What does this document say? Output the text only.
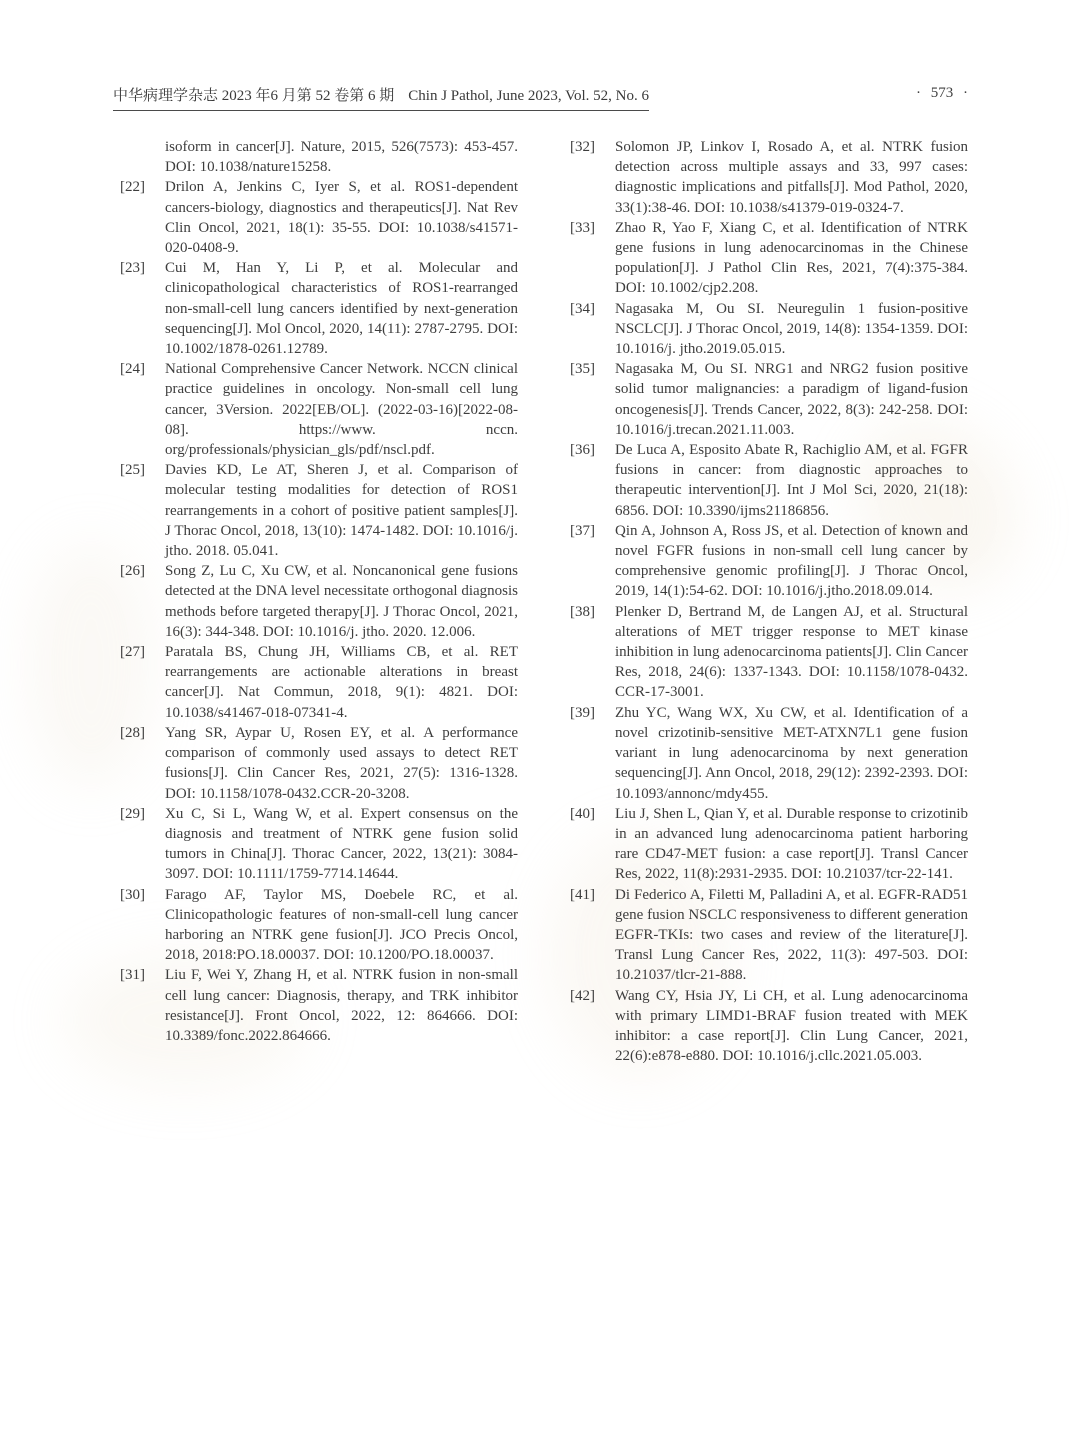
中华病理学杂志 2023 年6 月第 52 卷第 6 期 Chin J Pathol, June 2023, Vol. 52, No. 6	· 573 ·

isoform in cancer[J]. Nature, 2015, 526(7573): 453-457. DOI: 10.1038/nature15258.

[22]	Drilon A, Jenkins C, Iyer S, et al. ROS1-dependent cancers-biology, diagnostics and therapeutics[J]. Nat Rev Clin Oncol, 2021, 18(1): 35-55. DOI: 10.1038/s41571-020-0408-9.

[23]	Cui M, Han Y, Li P, et al. Molecular and clinicopathological characteristics of ROS1-rearranged non-small-cell lung cancers identified by next-generation sequencing[J]. Mol Oncol, 2020, 14(11): 2787-2795. DOI: 10.1002/1878-0261.12789.

[24]	National Comprehensive Cancer Network. NCCN clinical practice guidelines in oncology. Non-small cell lung cancer, 3Version. 2022[EB/OL]. (2022-03-16)[2022-08-08]. https://www. nccn. org/professionals/physician_gls/pdf/nscl.pdf.

[25]	Davies KD, Le AT, Sheren J, et al. Comparison of molecular testing modalities for detection of ROS1 rearrangements in a cohort of positive patient samples[J]. J Thorac Oncol, 2018, 13(10): 1474-1482. DOI: 10.1016/j. jtho. 2018. 05.041.

[26]	Song Z, Lu C, Xu CW, et al. Noncanonical gene fusions detected at the DNA level necessitate orthogonal diagnosis methods before targeted therapy[J]. J Thorac Oncol, 2021, 16(3): 344-348. DOI: 10.1016/j. jtho. 2020. 12.006.

[27]	Paratala BS, Chung JH, Williams CB, et al. RET rearrangements are actionable alterations in breast cancer[J]. Nat Commun, 2018, 9(1): 4821. DOI: 10.1038/s41467-018-07341-4.

[28]	Yang SR, Aypar U, Rosen EY, et al. A performance comparison of commonly used assays to detect RET fusions[J]. Clin Cancer Res, 2021, 27(5): 1316-1328. DOI: 10.1158/1078-0432.CCR-20-3208.

[29]	Xu C, Si L, Wang W, et al. Expert consensus on the diagnosis and treatment of NTRK gene fusion solid tumors in China[J]. Thorac Cancer, 2022, 13(21): 3084-3097. DOI: 10.1111/1759-7714.14644.

[30]	Farago AF, Taylor MS, Doebele RC, et al. Clinicopathologic features of non-small-cell lung cancer harboring an NTRK gene fusion[J]. JCO Precis Oncol, 2018, 2018:PO.18.00037. DOI: 10.1200/PO.18.00037.

[31]	Liu F, Wei Y, Zhang H, et al. NTRK fusion in non-small cell lung cancer: Diagnosis, therapy, and TRK inhibitor resistance[J]. Front Oncol, 2022, 12: 864666. DOI: 10.3389/fonc.2022.864666.

[32]	Solomon JP, Linkov I, Rosado A, et al. NTRK fusion detection across multiple assays and 33, 997 cases: diagnostic implications and pitfalls[J]. Mod Pathol, 2020, 33(1):38-46. DOI: 10.1038/s41379-019-0324-7.

[33]	Zhao R, Yao F, Xiang C, et al. Identification of NTRK gene fusions in lung adenocarcinomas in the Chinese population[J]. J Pathol Clin Res, 2021, 7(4):375-384. DOI: 10.1002/cjp2.208.

[34]	Nagasaka M, Ou SI. Neuregulin 1 fusion-positive NSCLC[J]. J Thorac Oncol, 2019, 14(8): 1354-1359. DOI: 10.1016/j. jtho.2019.05.015.

[35]	Nagasaka M, Ou SI. NRG1 and NRG2 fusion positive solid tumor malignancies: a paradigm of ligand-fusion oncogenesis[J]. Trends Cancer, 2022, 8(3): 242-258. DOI: 10.1016/j.trecan.2021.11.003.

[36]	De Luca A, Esposito Abate R, Rachiglio AM, et al. FGFR fusions in cancer: from diagnostic approaches to therapeutic intervention[J]. Int J Mol Sci, 2020, 21(18): 6856. DOI: 10.3390/ijms21186856.

[37]	Qin A, Johnson A, Ross JS, et al. Detection of known and novel FGFR fusions in non-small cell lung cancer by comprehensive genomic profiling[J]. J Thorac Oncol, 2019, 14(1):54-62. DOI: 10.1016/j.jtho.2018.09.014.

[38]	Plenker D, Bertrand M, de Langen AJ, et al. Structural alterations of MET trigger response to MET kinase inhibition in lung adenocarcinoma patients[J]. Clin Cancer Res, 2018, 24(6): 1337-1343. DOI: 10.1158/1078-0432. CCR-17-3001.

[39]	Zhu YC, Wang WX, Xu CW, et al. Identification of a novel crizotinib-sensitive MET-ATXN7L1 gene fusion variant in lung adenocarcinoma by next generation sequencing[J]. Ann Oncol, 2018, 29(12): 2392-2393. DOI: 10.1093/annonc/mdy455.

[40]	Liu J, Shen L, Qian Y, et al. Durable response to crizotinib in an advanced lung adenocarcinoma patient harboring rare CD47-MET fusion: a case report[J]. Transl Cancer Res, 2022, 11(8):2931-2935. DOI: 10.21037/tcr-22-141.

[41]	Di Federico A, Filetti M, Palladini A, et al. EGFR-RAD51 gene fusion NSCLC responsiveness to different generation EGFR-TKIs: two cases and review of the literature[J]. Transl Lung Cancer Res, 2022, 11(3): 497-503. DOI: 10.21037/tlcr-21-888.

[42]	Wang CY, Hsia JY, Li CH, et al. Lung adenocarcinoma with primary LIMD1-BRAF fusion treated with MEK inhibitor: a case report[J]. Clin Lung Cancer, 2021, 22(6):e878-e880. DOI: 10.1016/j.cllc.2021.05.003.
